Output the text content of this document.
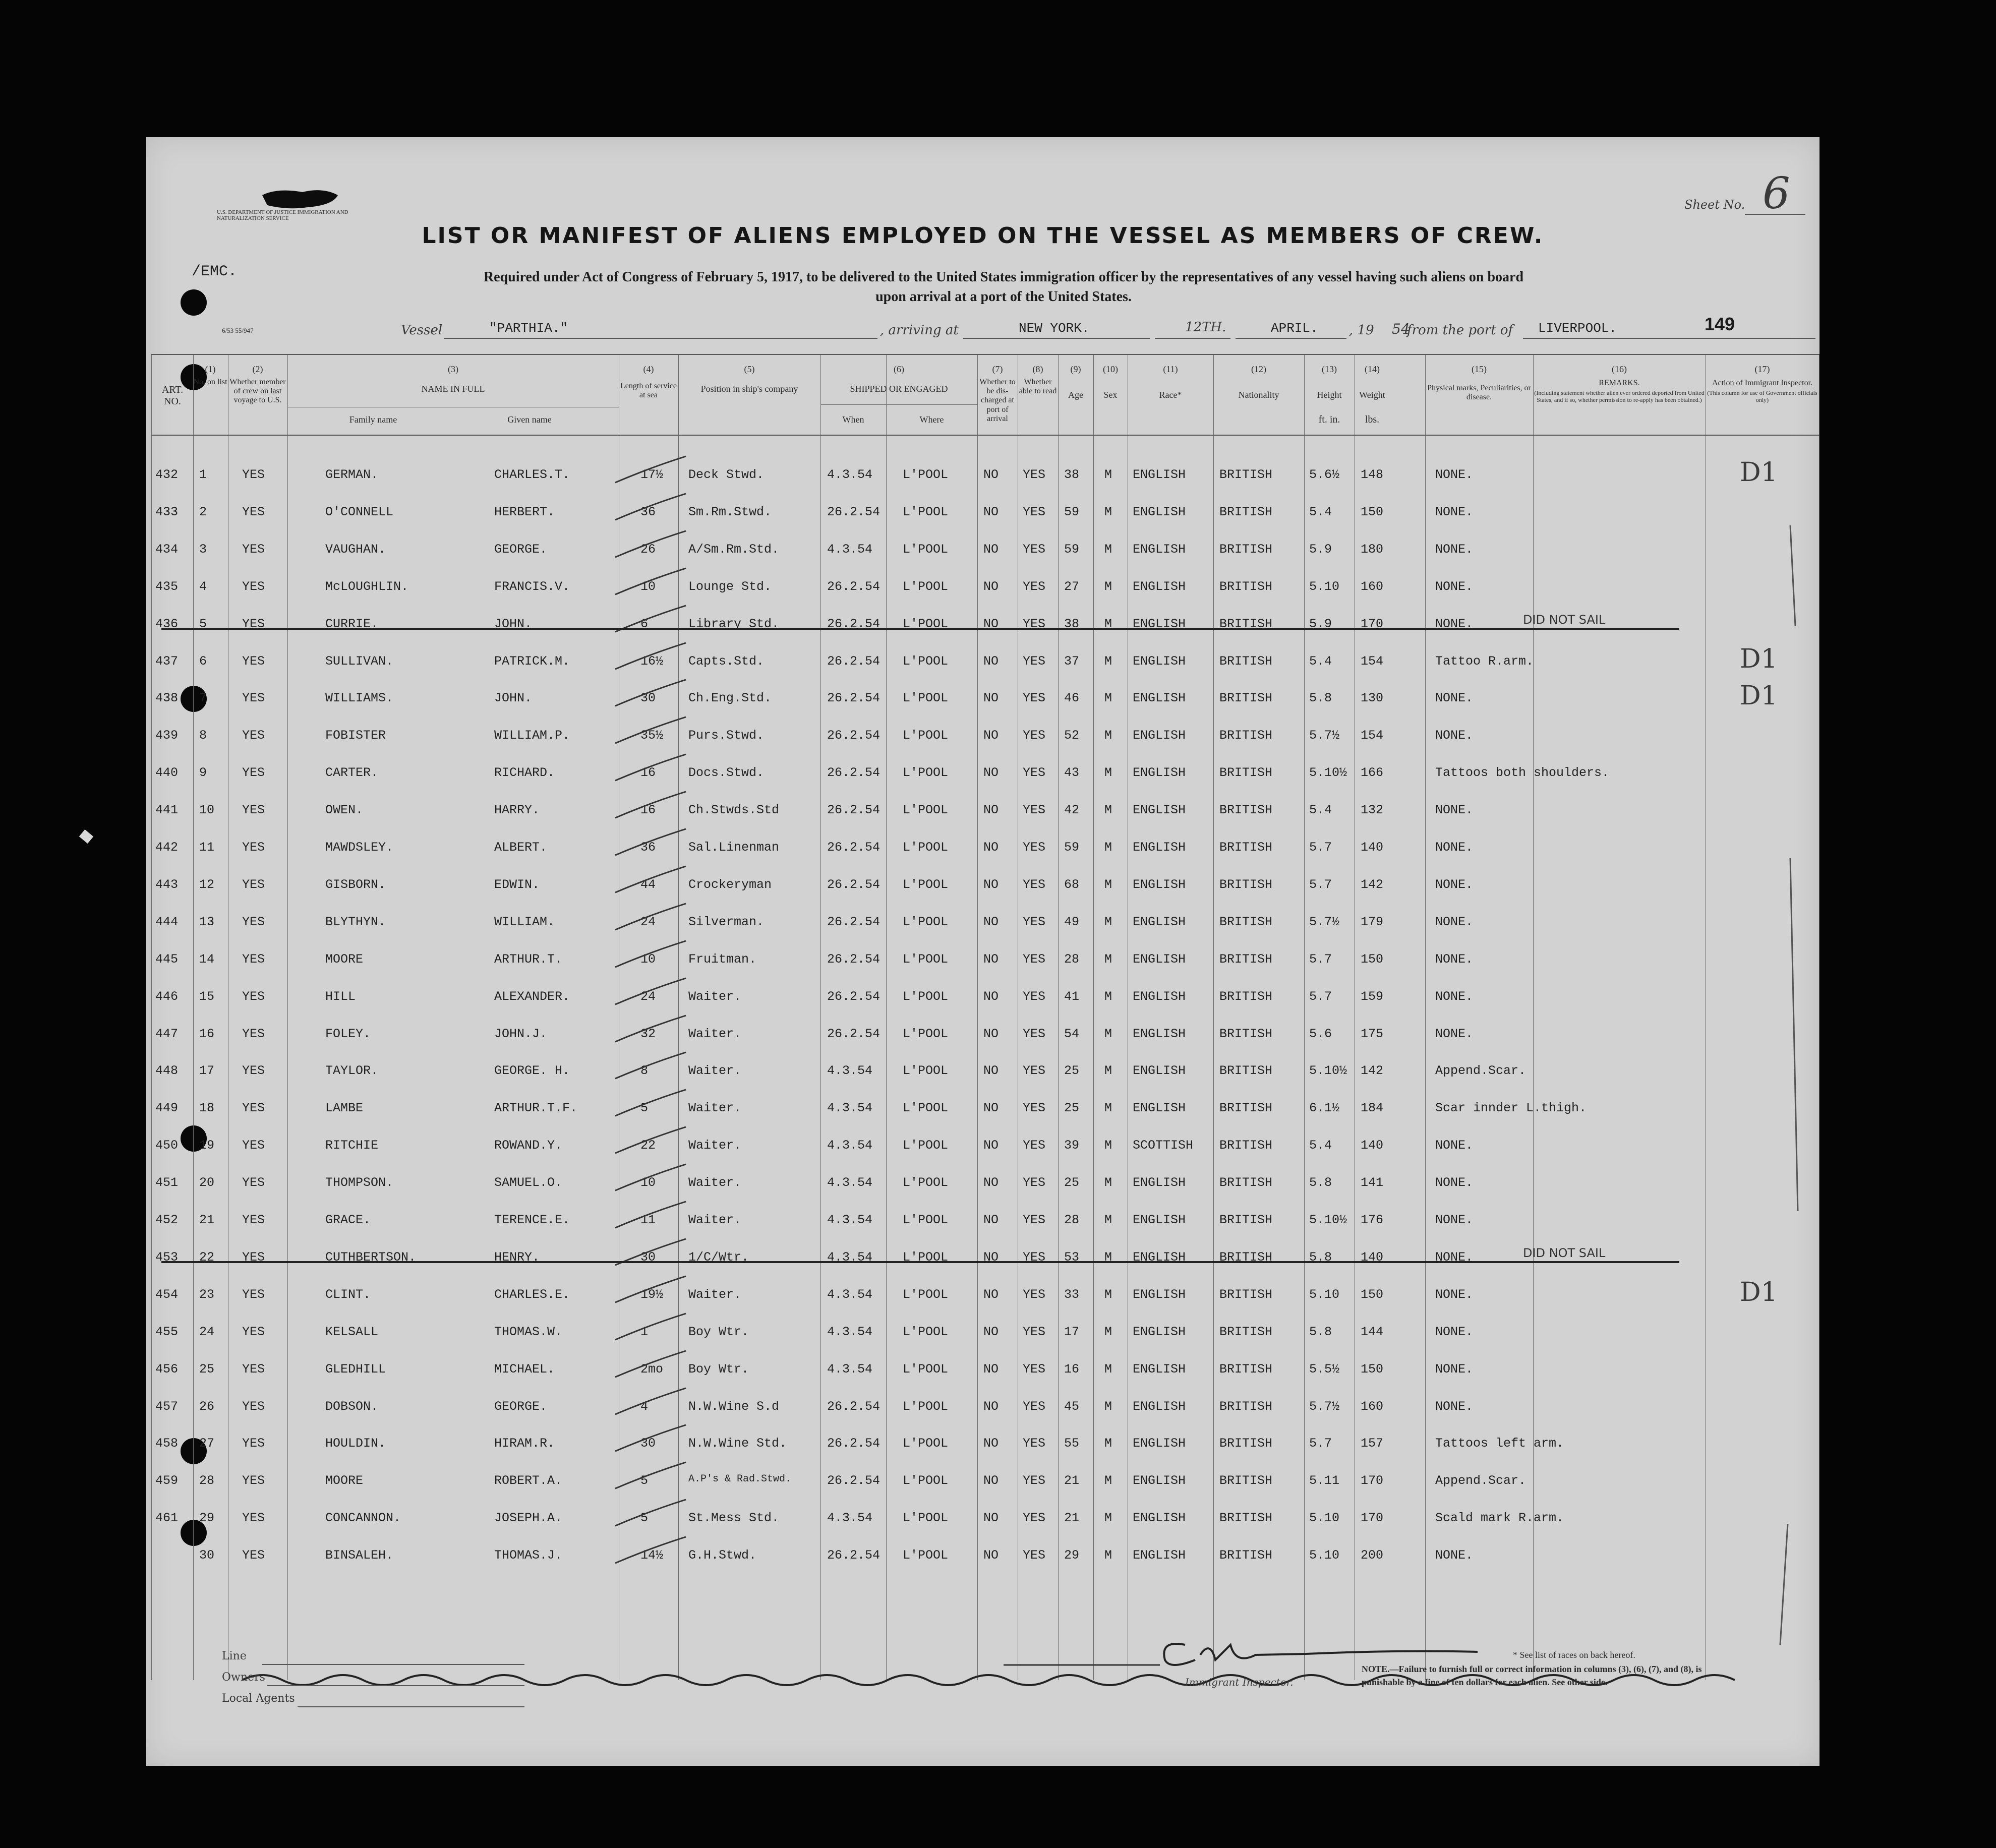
U.S. DEPARTMENT OF JUSTICE IMMIGRATION AND NATURALIZATION SERVICE
Sheet No. 6
LIST OR MANIFEST OF ALIENS EMPLOYED ON THE VESSEL AS MEMBERS OF CREW.
/EMC.	Required under Act of Congress of February 5, 1917, to be delivered to the United States immigration officer by the representatives of any vessel having such aliens on board
upon arrival at a port of the United States.
6/53 55/947	Vessel	"PARTHIA."	, arriving at	NEW YORK.	12TH.	APRIL. , 19 54
from the port of LIVERPOOL.	149
(1)
No. on list
ART. NO.
(2)
Whether member of crew on last voyage to U.S.
(3)
NAME IN FULL
Family name	Given name
(4)
Length of service at sea
(5)
Position in ship's company
(6)
SHIPPED OR ENGAGED
When	Where
(7)
Whether to be dis-charged at port of arrival
(8)
Whether able to read
(9)
Age
(10)
Sex
(11)
Race*
(12)
Nationality
(13)
Height
ft. in.
(14)
Weight
lbs.
(15)
Physical marks, Peculiarities, or disease.
(16)
REMARKS.
(Including statement whether alien ever ordered deported from United States, and if so, whether permission to re-apply has been obtained.)
(17)
Action of Immigrant Inspector.
(This column for use of Government officials only)
432 1	YES	GERMAN.	CHARLES.T.	17½ Deck Stwd.	4.3.54 L'POOL	NO YES 38 M ENGLISH	BRITISH	5.6½ 148	NONE.	D1
433 2	YES	O'CONNELL	HERBERT.	36	Sm.Rm.Stwd.	26.2.54 L'POOL	NO YES 59 M ENGLISH	BRITISH	5.4 150	NONE.
434 3	YES	VAUGHAN.	GEORGE.	26	A/Sm.Rm.Std.	4.3.54 L'POOL	NO YES 59 M ENGLISH	BRITISH	5.9 180	NONE.
435 4	YES	McLOUGHLIN.	FRANCIS.V.	10	Lounge Std.	26.2.54 L'POOL	NO YES 27 M ENGLISH	BRITISH	5.10 160	NONE.
436 5	YES	CURRIE.	JOHN.	6	Library Std.	26.2.54 L'POOL	NO YES 38 M ENGLISH	BRITISH	5.9 170	NONE.	DID NOT SAIL
437 6	YES	SULLIVAN.	PATRICK.M.	16½ Capts.Std.	26.2.54 L'POOL	NO YES 37 M ENGLISH	BRITISH	5.4 154	Tattoo R.arm.	D1
438 7	YES	WILLIAMS.	JOHN.	30	Ch.Eng.Std.	26.2.54 L'POOL	NO YES 46 M ENGLISH	BRITISH	5.8 130	NONE.	D1
439 8	YES	FOBISTER	WILLIAM.P.	35½ Purs.Stwd.	26.2.54 L'POOL	NO YES 52 M ENGLISH	BRITISH	5.7½ 154	NONE.
440 9	YES	CARTER.	RICHARD.	16	Docs.Stwd.	26.2.54 L'POOL	NO YES 43 M ENGLISH	BRITISH	5.10½ 166	Tattoos both shoulders.
441 10 YES	OWEN.	HARRY.	16	Ch.Stwds.Std	26.2.54 L'POOL	NO YES 42 M ENGLISH	BRITISH	5.4 132	NONE.
442 11 YES	MAWDSLEY.	ALBERT.	36	Sal.Linenman	26.2.54 L'POOL	NO YES 59 M ENGLISH	BRITISH	5.7 140	NONE.
443 12 YES	GISBORN.	EDWIN.	44	Crockeryman	26.2.54 L'POOL	NO YES 68 M ENGLISH	BRITISH	5.7 142	NONE.
444 13 YES	BLYTHYN.	WILLIAM.	24	Silverman.	26.2.54 L'POOL	NO YES 49 M ENGLISH	BRITISH	5.7½ 179	NONE.
445 14 YES	MOORE	ARTHUR.T.	10	Fruitman.	26.2.54 L'POOL	NO YES 28 M ENGLISH	BRITISH	5.7 150	NONE.
446 15 YES	HILL	ALEXANDER.	24	Waiter.	26.2.54 L'POOL	NO YES 41 M ENGLISH	BRITISH	5.7 159	NONE.
447 16 YES	FOLEY.	JOHN.J.	32	Waiter.	26.2.54 L'POOL	NO YES 54 M ENGLISH	BRITISH	5.6 175	NONE.
448 17 YES	TAYLOR.	GEORGE. H.	8	Waiter.	4.3.54 L'POOL	NO YES 25 M ENGLISH	BRITISH	5.10½ 142	Append.Scar.
449 18 YES	LAMBE	ARTHUR.T.F.	5	Waiter.	4.3.54 L'POOL	NO YES 25 M ENGLISH	BRITISH	6.1½ 184	Scar innder L.thigh.
450 19 YES	RITCHIE	ROWAND.Y.	22	Waiter.	4.3.54 L'POOL	NO YES 39 M SCOTTISH BRITISH	5.4 140	NONE.
451 20 YES	THOMPSON.	SAMUEL.O.	10	Waiter.	4.3.54 L'POOL	NO YES 25 M ENGLISH	BRITISH	5.8 141	NONE.
452 21 YES	GRACE.	TERENCE.E.	11	Waiter.	4.3.54 L'POOL	NO YES 28 M ENGLISH	BRITISH	5.10½ 176	NONE.
453 22 YES	CUTHBERTSON.	HENRY.	30	1/C/Wtr.	4.3.54 L'POOL	NO YES 53 M ENGLISH	BRITISH	5.8 140	NONE.	DID NOT SAIL
454 23 YES	CLINT.	CHARLES.E.	19½ Waiter.	4.3.54 L'POOL	NO YES 33 M ENGLISH	BRITISH	5.10 150	NONE.	D1
455 24 YES	KELSALL	THOMAS.W.	1	Boy Wtr.	4.3.54 L'POOL	NO YES 17 M ENGLISH	BRITISH	5.8 144	NONE.
456 25 YES	GLEDHILL	MICHAEL.	2mo Boy Wtr.	4.3.54 L'POOL	NO YES 16 M ENGLISH	BRITISH	5.5½ 150	NONE.
457 26 YES	DOBSON.	GEORGE.	4	N.W.Wine S.d	26.2.54 L'POOL	NO YES 45 M ENGLISH	BRITISH	5.7½ 160	NONE.
458 27 YES	HOULDIN.	HIRAM.R.	30	N.W.Wine Std.	26.2.54 L'POOL	NO YES 55 M ENGLISH	BRITISH	5.7 157	Tattoos left arm.
459 28 YES	MOORE	ROBERT.A.	5	A.P's & Rad.Stwd.	26.2.54 L'POOL	NO YES 21 M ENGLISH	BRITISH	5.11 170	Append.Scar.
461 29 YES	CONCANNON.	JOSEPH.A.	5	St.Mess Std.	4.3.54 L'POOL	NO YES 21 M ENGLISH	BRITISH	5.10 170	Scald mark R.arm.
30 YES	BINSALEH.	THOMAS.J.	14½ G.H.Stwd.	26.2.54 L'POOL	NO YES 29 M ENGLISH	BRITISH	5.10 200	NONE.
Line
Owners
Local Agents
Immigrant Inspector.
* See list of races on back hereof.
NOTE.—Failure to furnish full or correct information in columns (3), (6), (7), and (8), is
punishable by a fine of ten dollars for each alien. See other side.
